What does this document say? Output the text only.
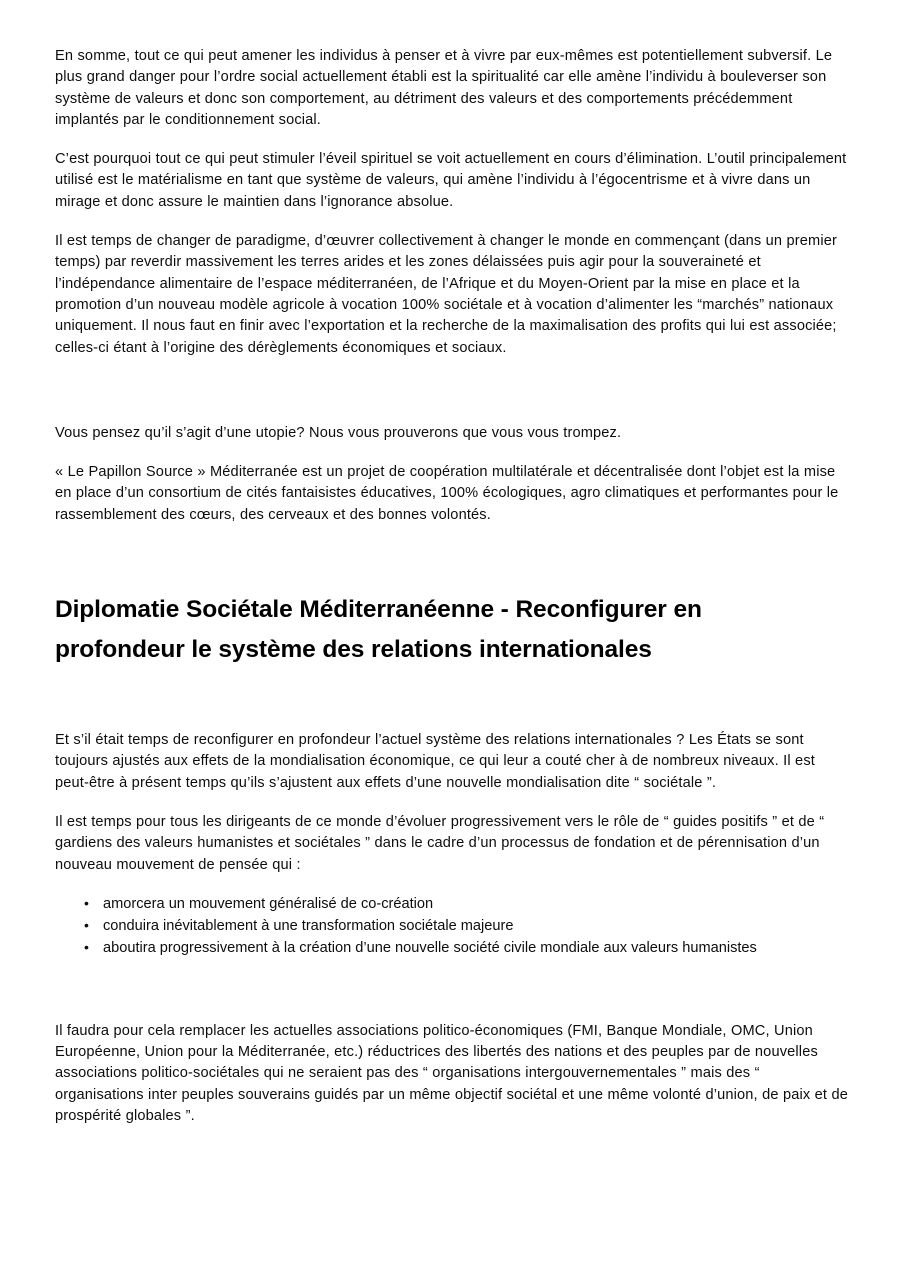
En somme, tout ce qui peut amener les individus à penser et à vivre par eux-mêmes est potentiellement subversif. Le plus grand danger pour l’ordre social actuellement établi est la spiritualité car elle amène l’individu à bouleverser son système de valeurs et donc son comportement, au détriment des valeurs et des comportements précédemment implantés par le conditionnement social.

C’est pourquoi tout ce qui peut stimuler l’éveil spirituel se voit actuellement en cours d’élimination. L’outil principalement utilisé est le matérialisme en tant que système de valeurs, qui amène l’individu à l’égocentrisme et à vivre dans un mirage et donc assure le maintien dans l’ignorance absolue.

Il est temps de changer de paradigme, d’œuvrer collectivement à changer le monde en commençant (dans un premier temps) par reverdir massivement les terres arides et les zones délaissées puis agir pour la souveraineté et l’indépendance alimentaire de l’espace méditerranéen, de l’Afrique et du Moyen-Orient par la mise en place et la promotion d’un nouveau modèle agricole à vocation 100% sociétale et à vocation d’alimenter les “marchés” nationaux uniquement. Il nous faut en finir avec l’exportation et la recherche de la maximalisation des profits qui lui est associée; celles-ci étant à l’origine des dérèglements économiques et sociaux.

Vous pensez qu’il s’agit d’une utopie? Nous vous prouverons que vous vous trompez.

« Le Papillon Source » Méditerranée est un projet de coopération multilatérale et décentralisée dont l’objet est la mise en place d’un consortium de cités fantaisistes éducatives, 100% écologiques, agro climatiques et performantes pour le rassemblement des cœurs, des cerveaux et des bonnes volontés.

Diplomatie Sociétale Méditerranéenne - Reconfigurer en profondeur le système des relations internationales

Et s’il était temps de reconfigurer en profondeur l’actuel système des relations internationales ? Les États se sont toujours ajustés aux effets de la mondialisation économique, ce qui leur a couté cher à de nombreux niveaux. Il est peut-être à présent temps qu’ils s’ajustent aux effets d’une nouvelle mondialisation dite “ sociétale ”.

Il est temps pour tous les dirigeants de ce monde d’évoluer progressivement vers le rôle de “ guides positifs ” et de “ gardiens des valeurs humanistes et sociétales ” dans le cadre d’un processus de fondation et de pérennisation d’un nouveau mouvement de pensée qui :

• amorcera un mouvement généralisé de co-création
• conduira inévitablement à une transformation sociétale majeure
• aboutira progressivement à la création d’une nouvelle société civile mondiale aux valeurs humanistes

Il faudra pour cela remplacer les actuelles associations politico-économiques (FMI, Banque Mondiale, OMC, Union Européenne, Union pour la Méditerranée, etc.) réductrices des libertés des nations et des peuples par de nouvelles associations politico-sociétales qui ne seraient pas des “ organisations intergouvernementales ” mais des “ organisations inter peuples souverains guidés par un même objectif sociétal et une même volonté d’union, de paix et de prospérité globales ”.
